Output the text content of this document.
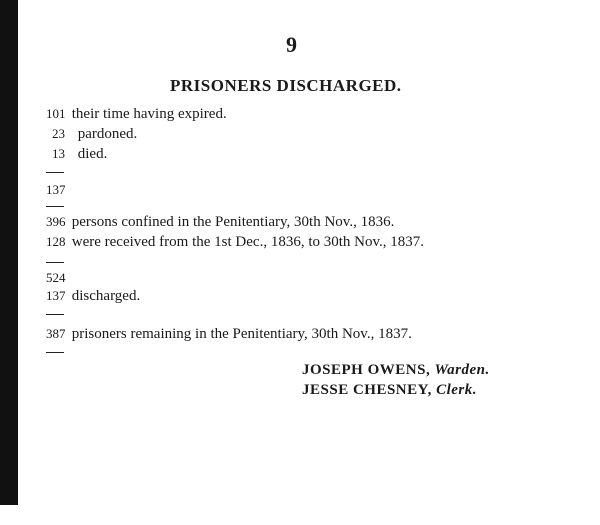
9
PRISONERS DISCHARGED.
101 their time having expired.
23 pardoned.
13 died.
137
396 persons confined in the Penitentiary, 30th Nov., 1836.
128 were received from the 1st Dec., 1836, to 30th Nov., 1837.
524
137 discharged.
387 prisoners remaining in the Penitentiary, 30th Nov., 1837.
JOSEPH OWENS, Warden.
JESSE CHESNEY, Clerk.
